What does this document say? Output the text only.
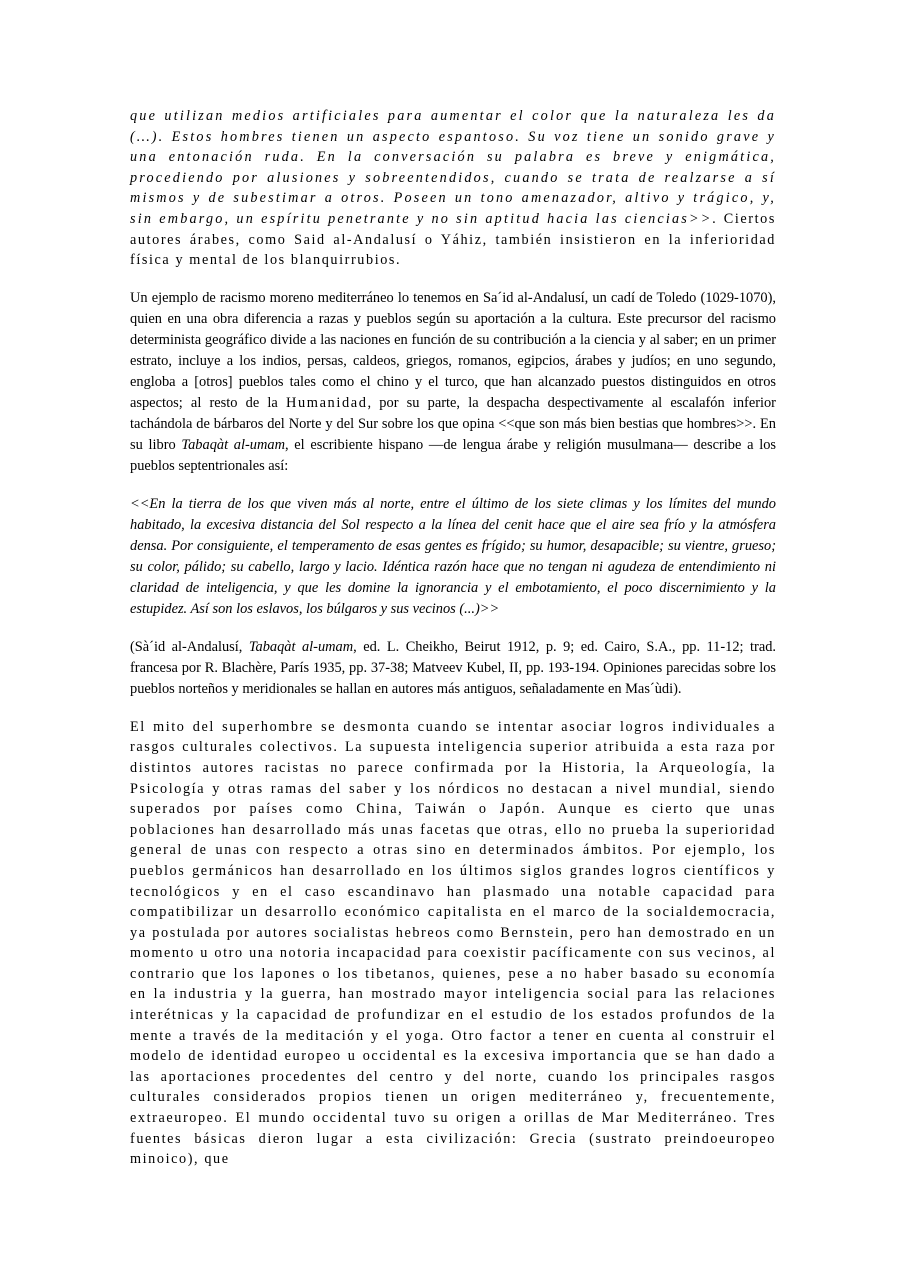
que utilizan medios artificiales para aumentar el color que la naturaleza les da (…). Estos hombres tienen un aspecto espantoso. Su voz tiene un sonido grave y una entonación ruda. En la conversación su palabra es breve y enigmática, procediendo por alusiones y sobreentendidos, cuando se trata de realzarse a sí mismos y de subestimar a otros. Poseen un tono amenazador, altivo y trágico, y, sin embargo, un espíritu penetrante y no sin aptitud hacia las ciencias>>. Ciertos autores árabes, como Said al-Andalusí o Yáhiz, también insistieron en la inferioridad física y mental de los blanquirrubios.

Un ejemplo de racismo moreno mediterráneo lo tenemos en Sa´id al-Andalusí, un cadí de Toledo (1029-1070), quien en una obra diferencia a razas y pueblos según su aportación a la cultura. Este precursor del racismo determinista geográfico divide a las naciones en función de su contribución a la ciencia y al saber; en un primer estrato, incluye a los indios, persas, caldeos, griegos, romanos, egipcios, árabes y judíos; en uno segundo, engloba a [otros] pueblos tales como el chino y el turco, que han alcanzado puestos distinguidos en otros aspectos; al resto de la Humanidad, por su parte, la despacha despectivamente al escalafón inferior tachándola de bárbaros del Norte y del Sur sobre los que opina <<que son más bien bestias que hombres>>. En su libro Tabaqàt al-umam, el escribiente hispano ―de lengua árabe y religión musulmana― describe a los pueblos septentrionales así:

<<En la tierra de los que viven más al norte, entre el último de los siete climas y los límites del mundo habitado, la excesiva distancia del Sol respecto a la línea del cenit hace que el aire sea frío y la atmósfera densa. Por consiguiente, el temperamento de esas gentes es frígido; su humor, desapacible; su vientre, grueso; su color, pálido; su cabello, largo y lacio. Idéntica razón hace que no tengan ni agudeza de entendimiento ni claridad de inteligencia, y que les domine la ignorancia y el embotamiento, el poco discernimiento y la estupidez. Así son los eslavos, los búlgaros y sus vecinos (...)>>

(Sà´id al-Andalusí, Tabaqàt al-umam, ed. L. Cheikho, Beirut 1912, p. 9; ed. Cairo, S.A., pp. 11-12; trad. francesa por R. Blachère, París 1935, pp. 37-38; Matveev Kubel, II, pp. 193-194. Opiniones parecidas sobre los pueblos norteños y meridionales se hallan en autores más antiguos, señaladamente en Mas´ùdi).

El mito del superhombre se desmonta cuando se intentar asociar logros individuales a rasgos culturales colectivos. La supuesta inteligencia superior atribuida a esta raza por distintos autores racistas no parece confirmada por la Historia, la Arqueología, la Psicología y otras ramas del saber y los nórdicos no destacan a nivel mundial, siendo superados por países como China, Taiwán o Japón. Aunque es cierto que unas poblaciones han desarrollado más unas facetas que otras, ello no prueba la superioridad general de unas con respecto a otras sino en determinados ámbitos. Por ejemplo, los pueblos germánicos han desarrollado en los últimos siglos grandes logros científicos y tecnológicos y en el caso escandinavo han plasmado una notable capacidad para compatibilizar un desarrollo económico capitalista en el marco de la socialdemocracia, ya postulada por autores socialistas hebreos como Bernstein, pero han demostrado en un momento u otro una notoria incapacidad para coexistir pacíficamente con sus vecinos, al contrario que los lapones o los tibetanos, quienes, pese a no haber basado su economía en la industria y la guerra, han mostrado mayor inteligencia social para las relaciones interétnicas y la capacidad de profundizar en el estudio de los estados profundos de la mente a través de la meditación y el yoga. Otro factor a tener en cuenta al construir el modelo de identidad europeo u occidental es la excesiva importancia que se han dado a las aportaciones procedentes del centro y del norte, cuando los principales rasgos culturales considerados propios tienen un origen mediterráneo y, frecuentemente, extraeuropeo. El mundo occidental tuvo su origen a orillas de Mar Mediterráneo. Tres fuentes básicas dieron lugar a esta civilización: Grecia (sustrato preindoeuropeo minoico), que
